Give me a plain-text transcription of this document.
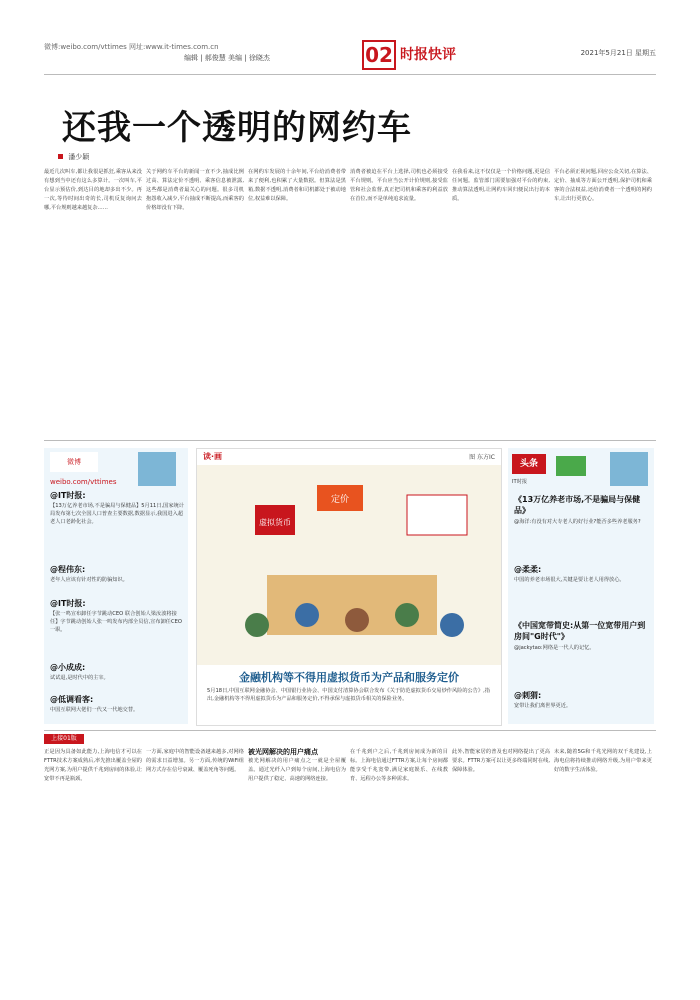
微博:weibo.com/vttimes 网址:www.it-times.com.cn
编辑 | 郝俊慧 美编 | 徐晓杰	02 时报快评	2021年5月21日 星期五
还我一个透明的网约车
潘少颖
最近几次叫车,都让我很是抓狂,乘客从来没有想到当中还有这么多算计。一次叫车,平台显示预估价,到达目的地却多出不少。再一次,等待时间出奇的长,司机反复询问去哪,平台规则越来越复杂……
关于网约车平台的新闻一直不少,抽成比例过高、算法定价不透明、乘客信息被泄露,这些都是消费者最关心的问题。很多司机抱怨收入减少,平台抽成不断提高,而乘客的价格却没有下降。
在网约车发展的十余年间,平台给消费者带来了便利,也积累了大量数据。但算法是黑箱,数据不透明,消费者和司机都处于被动地位,权益难以保障。
消费者被迫在平台上选择,司机也必须接受平台规则。平台应当公开计价规则,接受监管和社会监督,真正把司机和乘客的利益放在首位,而不是单纯追求流量。
在我看来,这不仅仅是一个价格问题,更是信任问题。监管部门需要加强对平台的约束,推动算法透明,让网约车回归便民出行的本质。
平台必须正视问题,回应公众关切,在算法、定价、抽成等方面公开透明,保护司机和乘客的合法权益,还给消费者一个透明的网约车,让出行更放心。
微博 weibo.com/vttimes
@IT时报:
【13万亿养老市场,不是骗局与保健品】5月11日,国家统计局发布第七次全国人口普查主要数据,数据显示,我国进入超老人口老龄化社会。
@程伟东:
老年人应该有针对性的防骗知识。
@IT时报:
【张一鸣宣布卸任字节跳动CEO 联合创始人梁汝波将接任】字节跳动创始人张一鸣发布内部全员信,宣布卸任CEO一职。
@小成成:
试试退,是时代中的主宰。
@低调看客:
中国互联网大佬们一代又一代地交替。
读·画	图 东方IC
虚拟货币
定价
金融机构等不得用虚拟货币为产品和服务定价
5月18日,中国互联网金融协会、中国银行业协会、中国支付清算协会联合发布《关于防范虚拟货币交易炒作风险的公告》,指出,金融机构等不得用虚拟货币为产品和服务定价,不得承保与虚拟货币相关的保险业务。
头条
IT时报
《13万亿养老市场,不是骗局与保健品》
@海洋:有没有对大专老人的好行业?能否多些养老服务?
@柔柔:
中国的养老市场很大,关键是要让老人用得放心。
《中国宽带简史:从第一位宽带用户到房间"G时代"》
@jackytao:网络是一代人的记忆。
@刺猬:
宽带让我们离世界更近。
上接01版
正是因为具备如此能力,上海电信才可以在FTTR技术方案成熟后,率先推出覆盖全屋的光网方案,为用户提供千兆到房间的体验,让宽带不再是瓶颈。
一方面,家庭中的智能设备越来越多,对网络的需求日益增加。另一方面,传统的WiFi组网方式存在信号衰减、覆盖死角等问题。
被光网解决的用户痛点
被光网解决的用户痛点之一就是全屋覆盖。通过光纤入户到每个房间,上海电信为用户提供了稳定、高速的网络连接。
在千兆到户之后,千兆到房间成为新的目标。上海电信通过FTTR方案,让每个房间都能享受千兆宽带,满足家庭娱乐、在线教育、远程办公等多种需求。
此外,智能家居的普及也对网络提出了更高要求。FTTR方案可以让更多终端同时在线,保障体验。
未来,随着5G和千兆光网的双千兆建设,上海电信将持续推动网络升级,为用户带来更好的数字生活体验。
